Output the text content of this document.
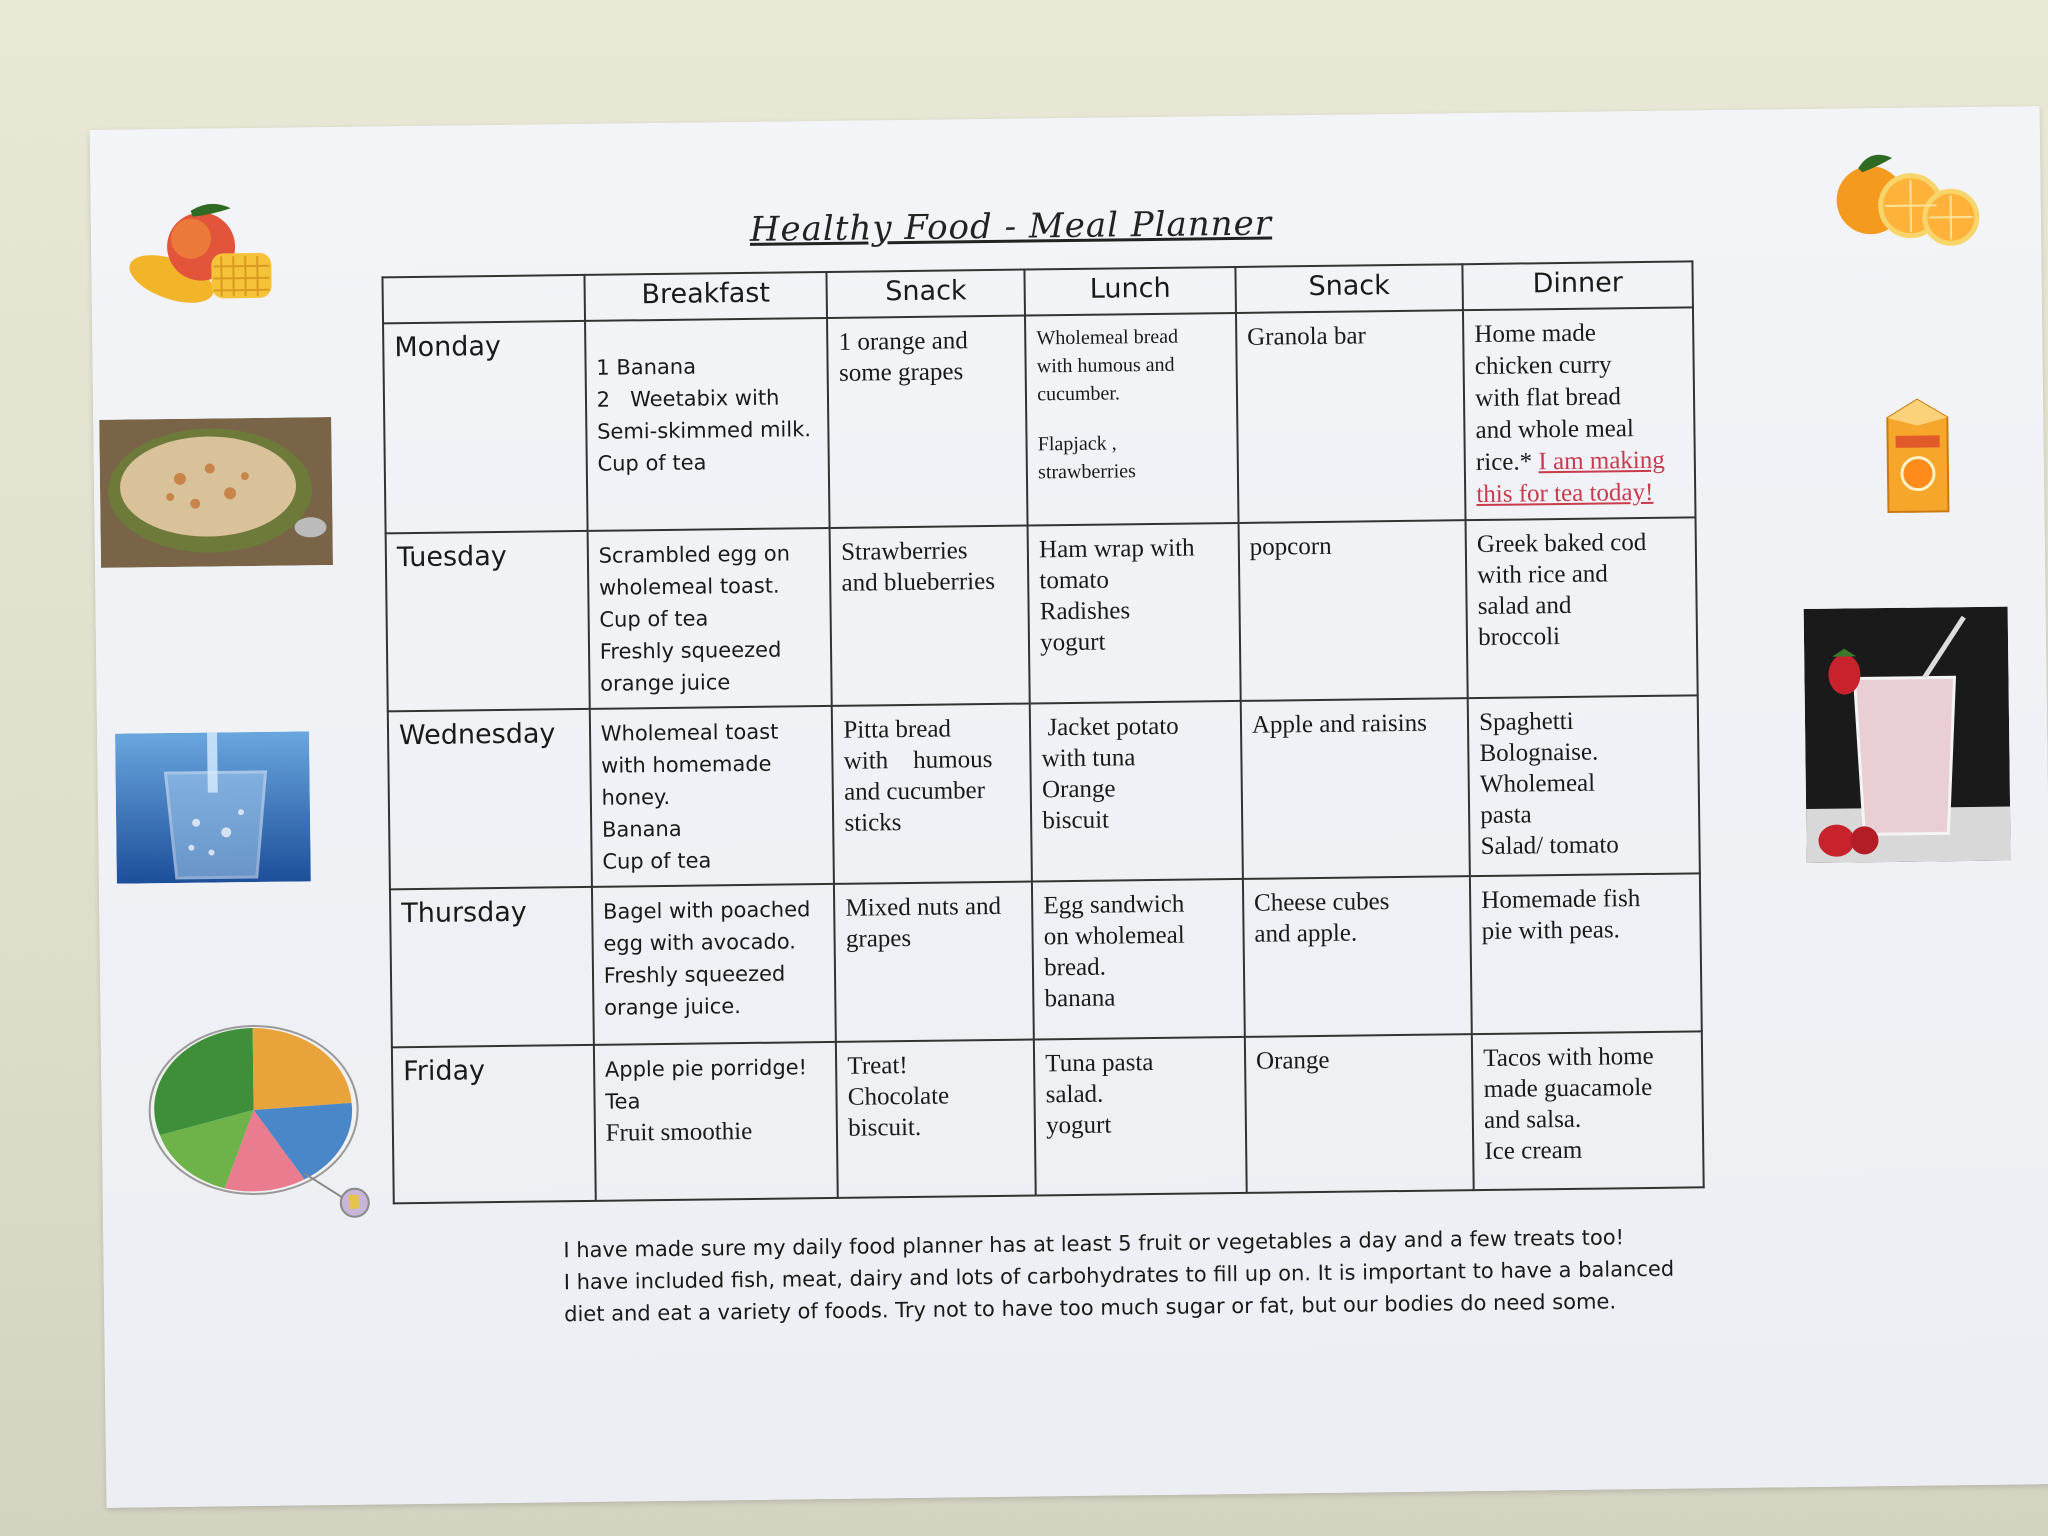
Healthy Food - Meal Planner
	Breakfast	Snack	Lunch	Snack	Dinner
Monday	1 Banana
2   Weetabix with
Semi-skimmed milk.
Cup of tea	1 orange and
some grapes	Wholemeal bread
with humous and
cucumber.
Flapjack ,
strawberries	Granola bar	Home made
chicken curry
with flat bread
and whole meal
rice.* I am making this for tea today!
Tuesday	Scrambled egg on
wholemeal toast.
Cup of tea
Freshly squeezed
orange juice	Strawberries
and blueberries	Ham wrap with
tomato
Radishes
yogurt	popcorn	Greek baked cod
with rice and
salad and
broccoli

Wednesday	Wholemeal toast
with homemade
honey.
Banana
Cup of tea	Pitta bread
with    humous
and cucumber
sticks	Jacket potato
with tuna
Orange
biscuit	Apple and raisins	Spaghetti
Bolognaise.
Wholemeal
pasta
Salad/ tomato

Thursday	Bagel with poached
egg with avocado.
Freshly squeezed
orange juice.	Mixed nuts and
grapes	Egg sandwich
on wholemeal
bread.
banana	Cheese cubes
and apple.	Homemade fish
pie with peas.

Friday	Apple pie porridge!
Tea
Fruit smoothie	Treat!
Chocolate
biscuit.	Tuna pasta
salad.
yogurt	Orange	Tacos with home
made guacamole
and salsa.
Ice cream
I have made sure my daily food planner has at least 5 fruit or vegetables a day and a few treats too!
I have included fish, meat, dairy and lots of carbohydrates to fill up on. It is important to have a balanced
diet and eat a variety of foods. Try not to have too much sugar or fat, but our bodies do need some.
